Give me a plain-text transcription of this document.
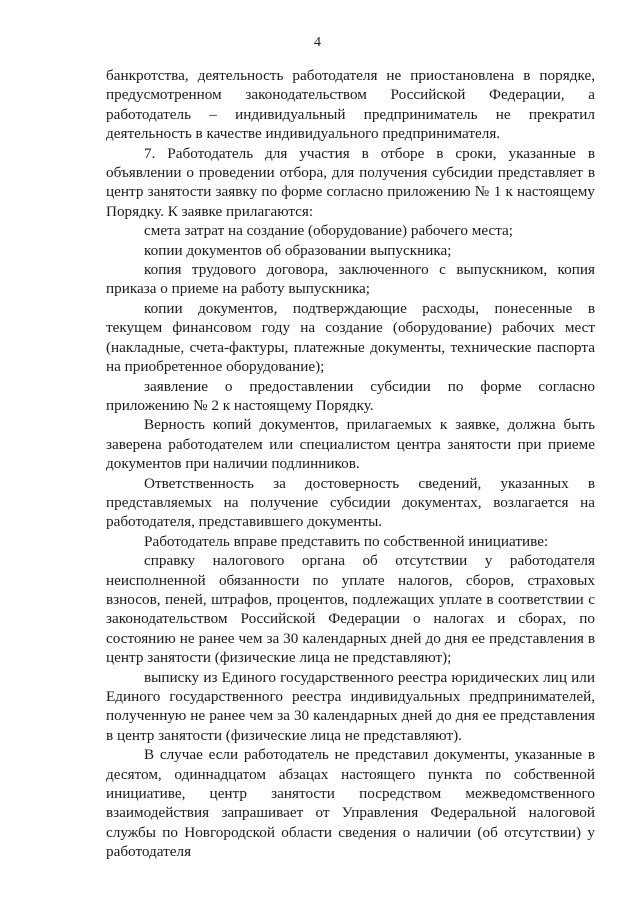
4

банкротства, деятельность работодателя не приостановлена в порядке, предусмотренном законодательством Российской Федерации, а работодатель – индивидуальный предприниматель не прекратил деятельность в качестве индивидуального предпринимателя.

7. Работодатель для участия в отборе в сроки, указанные в объявлении о проведении отбора, для получения субсидии представляет в центр занятости заявку по форме согласно приложению № 1 к настоящему Порядку. К заявке прилагаются:

смета затрат на создание (оборудование) рабочего места;

копии документов об образовании выпускника;

копия трудового договора, заключенного с выпускником, копия приказа о приеме на работу выпускника;

копии документов, подтверждающие расходы, понесенные в текущем финансовом году на создание (оборудование) рабочих мест (накладные, счета-фактуры, платежные документы, технические паспорта на приобретенное оборудование);

заявление о предоставлении субсидии по форме согласно приложению № 2 к настоящему Порядку.

Верность копий документов, прилагаемых к заявке, должна быть заверена работодателем или специалистом центра занятости при приеме документов при наличии подлинников.

Ответственность за достоверность сведений, указанных в представляемых на получение субсидии документах, возлагается на работодателя, представившего документы.

Работодатель вправе представить по собственной инициативе:

справку налогового органа об отсутствии у работодателя неисполненной обязанности по уплате налогов, сборов, страховых взносов, пеней, штрафов, процентов, подлежащих уплате в соответствии с законодательством Российской Федерации о налогах и сборах, по состоянию не ранее чем за 30 календарных дней до дня ее представления в центр занятости (физические лица не представляют);

выписку из Единого государственного реестра юридических лиц или Единого государственного реестра индивидуальных предпринимателей, полученную не ранее чем за 30 календарных дней до дня ее представления в центр занятости (физические лица не представляют).

В случае если работодатель не представил документы, указанные в десятом, одиннадцатом абзацах настоящего пункта по собственной инициативе, центр занятости посредством межведомственного взаимодействия запрашивает от Управления Федеральной налоговой службы по Новгородской области сведения о наличии (об отсутствии) у работодателя
